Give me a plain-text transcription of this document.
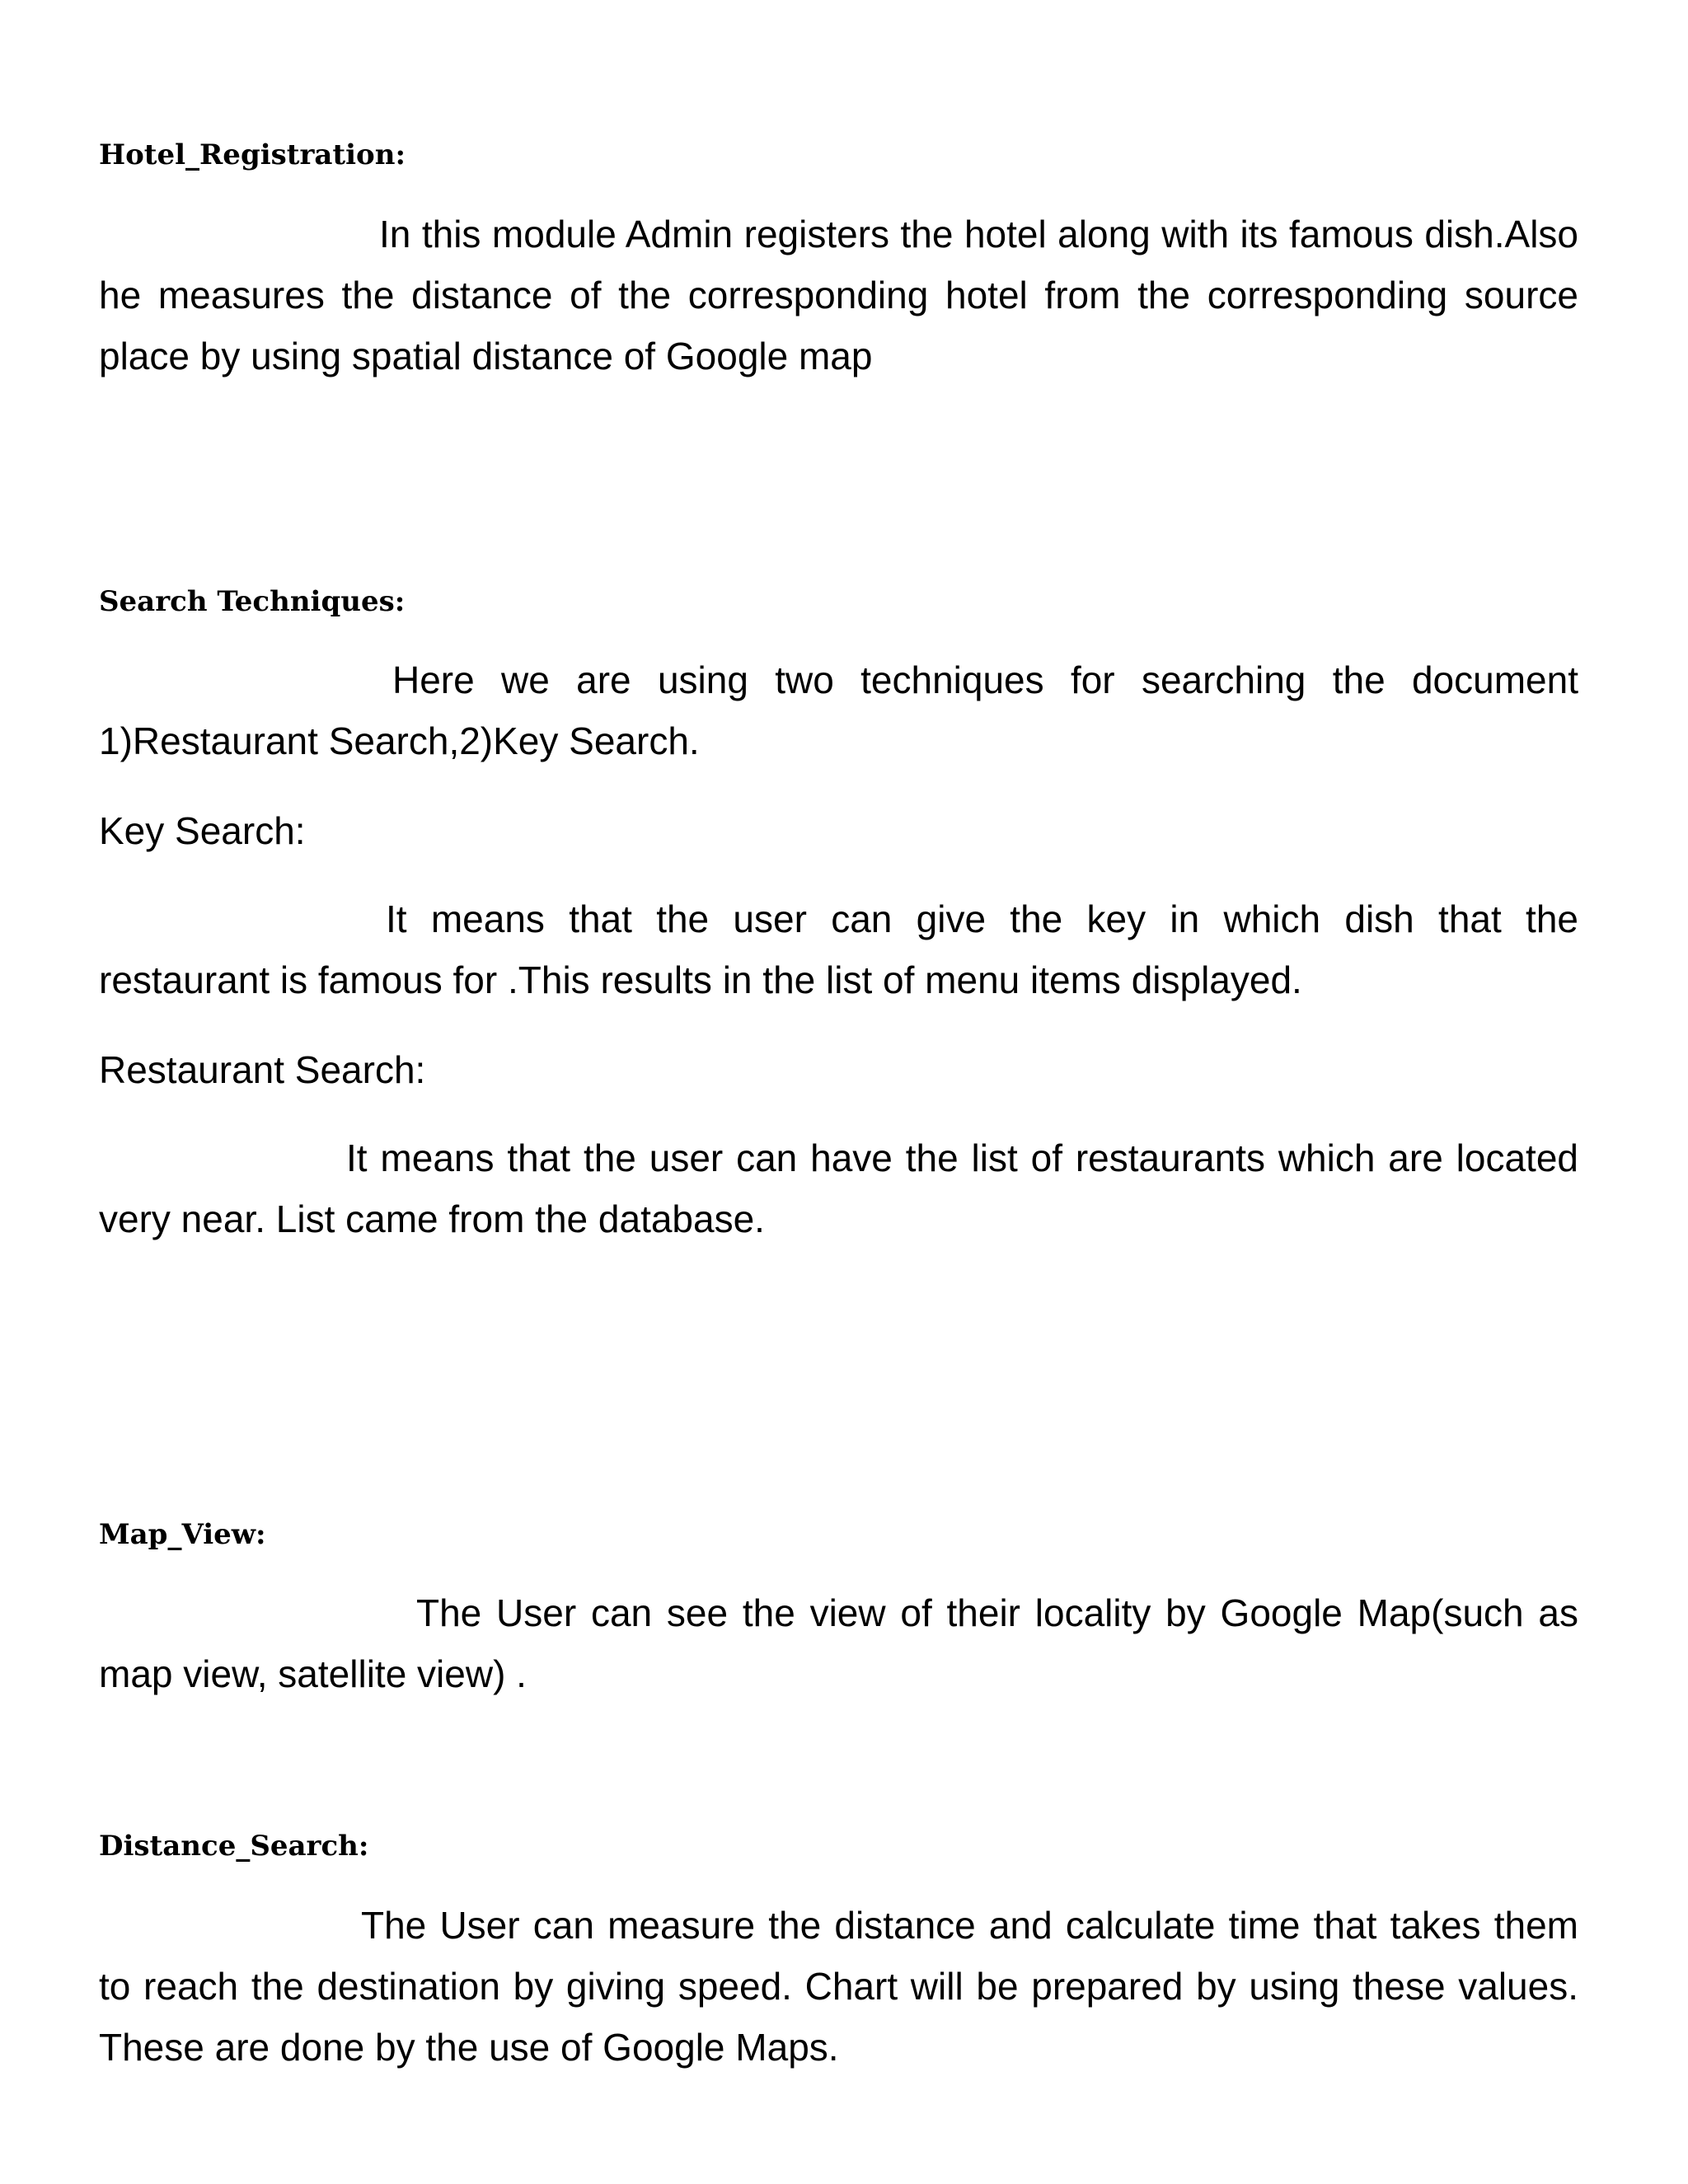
Hotel_Registration:

In this module Admin registers the hotel along with its famous dish.Also he measures the distance of the corresponding hotel from the corresponding source place by using spatial distance of Google map

Search Techniques:

Here we are using two techniques for searching the document 1)Restaurant Search,2)Key Search.

Key Search:

It means that the user can give the key in which dish that the restaurant is famous for .This results in the list of menu items displayed.

Restaurant Search:

It means that the user can have the list of restaurants which are located very near. List came from the database.

Map_View:

The User can see the view of their locality by Google Map(such as map view, satellite view) .

Distance_Search:

The User can measure the distance and calculate time that takes them to reach the destination by giving speed. Chart will be prepared by using these values. These are done by the use of Google Maps.
